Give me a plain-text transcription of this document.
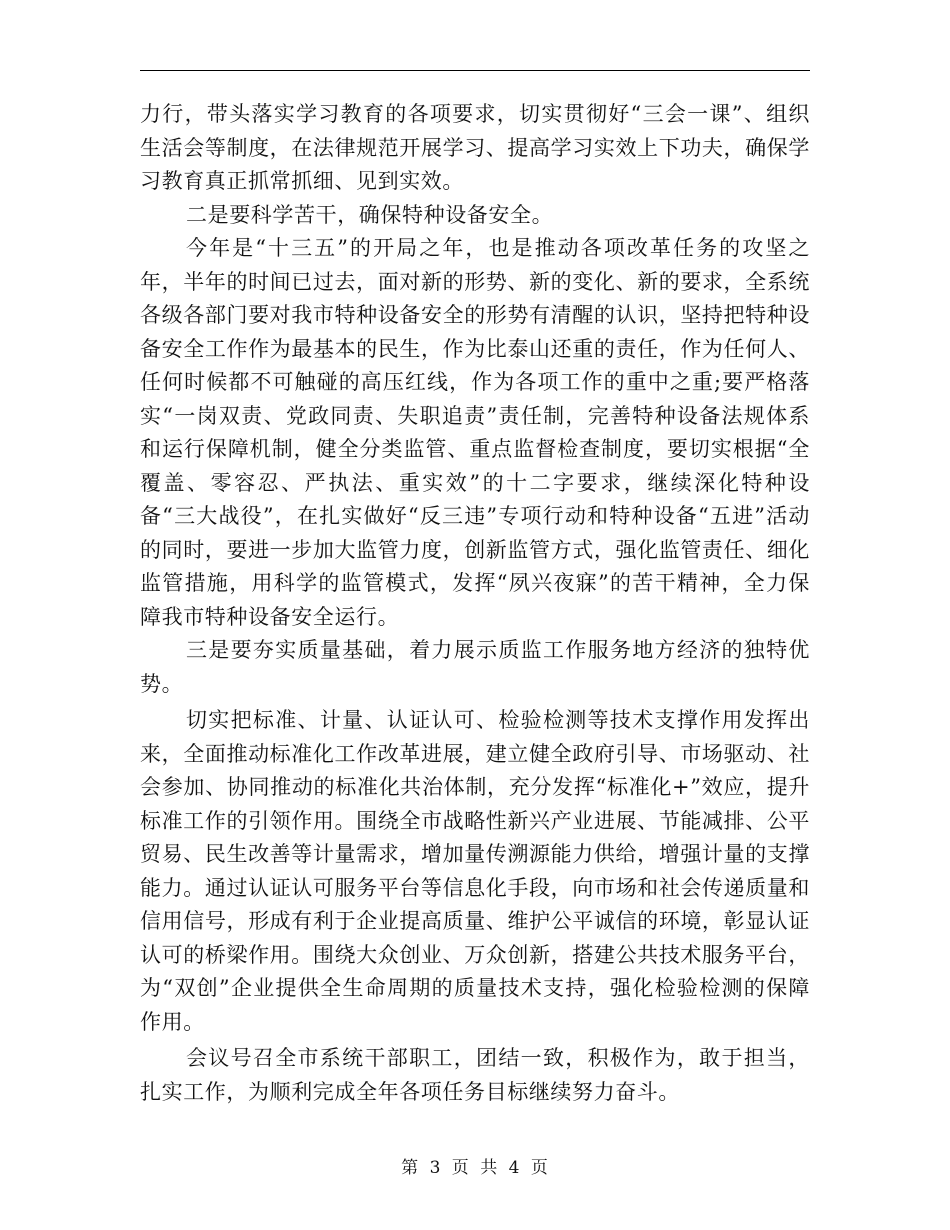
力行，带头落实学习教育的各项要求，切实贯彻好“三会一课”、组织生活会等制度，在法律规范开展学习、提高学习实效上下功夫，确保学习教育真正抓常抓细、见到实效。

二是要科学苦干，确保特种设备安全。

今年是“十三五”的开局之年，也是推动各项改革任务的攻坚之年，半年的时间已过去，面对新的形势、新的变化、新的要求，全系统各级各部门要对我市特种设备安全的形势有清醒的认识，坚持把特种设备安全工作作为最基本的民生，作为比泰山还重的责任，作为任何人、任何时候都不可触碰的高压红线，作为各项工作的重中之重;要严格落实“一岗双责、党政同责、失职追责”责任制，完善特种设备法规体系和运行保障机制，健全分类监管、重点监督检查制度，要切实根据“全覆盖、零容忍、严执法、重实效”的十二字要求，继续深化特种设备“三大战役”，在扎实做好“反三违”专项行动和特种设备“五进”活动的同时，要进一步加大监管力度，创新监管方式，强化监管责任、细化监管措施，用科学的监管模式，发挥“夙兴夜寐”的苦干精神，全力保障我市特种设备安全运行。

三是要夯实质量基础，着力展示质监工作服务地方经济的独特优势。

切实把标准、计量、认证认可、检验检测等技术支撑作用发挥出来，全面推动标准化工作改革进展，建立健全政府引导、市场驱动、社会参加、协同推动的标准化共治体制，充分发挥“标准化+”效应，提升标准工作的引领作用。围绕全市战略性新兴产业进展、节能减排、公平贸易、民生改善等计量需求，增加量传溯源能力供给，增强计量的支撑能力。通过认证认可服务平台等信息化手段，向市场和社会传递质量和信用信号，形成有利于企业提高质量、维护公平诚信的环境，彰显认证认可的桥梁作用。围绕大众创业、万众创新，搭建公共技术服务平台，为“双创”企业提供全生命周期的质量技术支持，强化检验检测的保障作用。

会议号召全市系统干部职工，团结一致，积极作为，敢于担当，扎实工作，为顺利完成全年各项任务目标继续努力奋斗。

第 3 页 共 4 页
